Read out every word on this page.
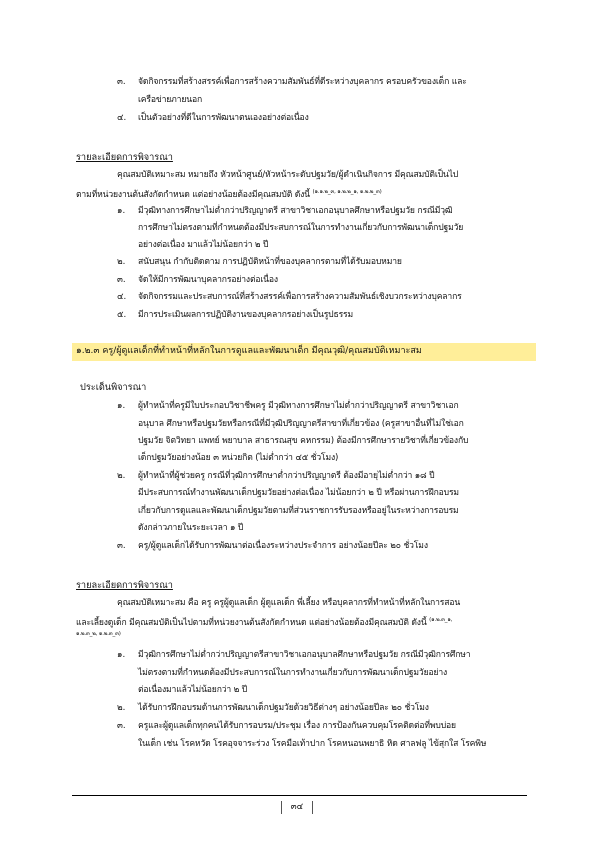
๓. จัดกิจกรรมที่สร้างสรรค์เพื่อการสร้างความสัมพันธ์ที่ดีระหว่างบุคลากร ครอบครัวของเด็ก และ
เครือข่ายภายนอก
๔. เป็นตัวอย่างที่ดีในการพัฒนาตนเองอย่างต่อเนื่อง
รายละเอียดการพิจารณา
คุณสมบัติเหมาะสม หมายถึง หัวหน้าศูนย์/หัวหน้าระดับปฐมวัย/ผู้ดำเนินกิจการ มีคุณสมบัติเป็นไป
ตามที่หน่วยงานต้นสังกัดกำหนด แต่อย่างน้อยต้องมีคุณสมบัติ ดังนี้ $^{(๑.๑.๒\_๓, ๑.๒.๒\_๑, ๑.๒.๒\_๓)}$
๑. มีวุฒิทางการศึกษาไม่ต่ำกว่าปริญญาตรี สาขาวิชาเอกอนุบาลศึกษาหรือปฐมวัย กรณีมีวุฒิ
การศึกษาไม่ตรงตามที่กำหนดต้องมีประสบการณ์ในการทำงานเกี่ยวกับการพัฒนาเด็กปฐมวัย
อย่างต่อเนื่อง มาแล้วไม่น้อยกว่า ๒ ปี
๒. สนับสนุน กำกับติดตาม การปฏิบัติหน้าที่ของบุคลากรตามที่ได้รับมอบหมาย
๓. จัดให้มีการพัฒนาบุคลากรอย่างต่อเนื่อง
๔. จัดกิจกรรมและประสบการณ์ที่สร้างสรรค์เพื่อการสร้างความสัมพันธ์เชิงบวกระหว่างบุคลากร
๕. มีการประเมินผลการปฏิบัติงานของบุคลากรอย่างเป็นรูปธรรม
๑.๒.๓ ครู/ผู้ดูแลเด็กที่ทำหน้าที่หลักในการดูแลและพัฒนาเด็ก มีคุณวุฒิ/คุณสมบัติเหมาะสม
ประเด็นพิจารณา
๑. ผู้ทำหน้าที่ครูมีใบประกอบวิชาชีพครู มีวุฒิทางการศึกษาไม่ต่ำกว่าปริญญาตรี สาขาวิชาเอก
อนุบาล ศึกษาหรือปฐมวัยหรือกรณีที่มีวุฒิปริญญาตรีสาขาที่เกี่ยวข้อง (ครูสาขาอื่นที่ไม่ใช่เอก
ปฐมวัย จิตวิทยา แพทย์ พยาบาล สาธารณสุข คหกรรม) ต้องมีการศึกษารายวิชาที่เกี่ยวข้องกับ
เด็กปฐมวัยอย่างน้อย ๓ หน่วยกิต (ไม่ต่ำกว่า ๔๕ ชั่วโมง)
๒. ผู้ทำหน้าที่ผู้ช่วยครู กรณีที่วุฒิการศึกษาต่ำกว่าปริญญาตรี ต้องมีอายุไม่ต่ำกว่า ๑๘ ปี
มีประสบการณ์ทำงานพัฒนาเด็กปฐมวัยอย่างต่อเนื่อง ไม่น้อยกว่า ๒ ปี หรือผ่านการฝึกอบรม
เกี่ยวกับการดูแลและพัฒนาเด็กปฐมวัยตามที่ส่วนราชการรับรองหรืออยู่ในระหว่างการอบรม
ดังกล่าวภายในระยะเวลา ๑ ปี
๓. ครู/ผู้ดูแลเด็กได้รับการพัฒนาต่อเนื่องระหว่างประจำการ อย่างน้อยปีละ ๒๐ ชั่วโมง
รายละเอียดการพิจารณา
คุณสมบัติเหมาะสม คือ ครู ครูผู้ดูแลเด็ก ผู้ดูแลเด็ก พี่เลี้ยง หรือบุคลากรที่ทำหน้าที่หลักในการสอน
และเลี้ยงดูเด็ก มีคุณสมบัติเป็นไปตามที่หน่วยงานต้นสังกัดกำหนด แต่อย่างน้อยต้องมีคุณสมบัติ ดังนี้ $^{(๑.๒.๓\_๑,}$
$^{๑.๒.๓\_๒, ๑.๒.๓\_๓)}$
๑. มีวุฒิการศึกษาไม่ต่ำกว่าปริญญาตรีสาขาวิชาเอกอนุบาลศึกษาหรือปฐมวัย กรณีมีวุฒิการศึกษา
ไม่ตรงตามที่กำหนดต้องมีประสบการณ์ในการทำงานเกี่ยวกับการพัฒนาเด็กปฐมวัยอย่าง
ต่อเนื่องมาแล้วไม่น้อยกว่า ๒ ปี
๒. ได้รับการฝึกอบรมด้านการพัฒนาเด็กปฐมวัยด้วยวิธีต่างๆ อย่างน้อยปีละ ๒๐ ชั่วโมง
๓. ครูและผู้ดูแลเด็กทุกคนได้รับการอบรม/ประชุม เรื่อง การป้องกันควบคุมโรคติดต่อที่พบบ่อย
ในเด็ก เช่น โรคหวัด โรคอุจจาระร่วง โรคมือเท้าปาก โรคหนอนพยาธิ หิด ศาลฟลู ไข้สุกใส โรคพิษ
๓๔
